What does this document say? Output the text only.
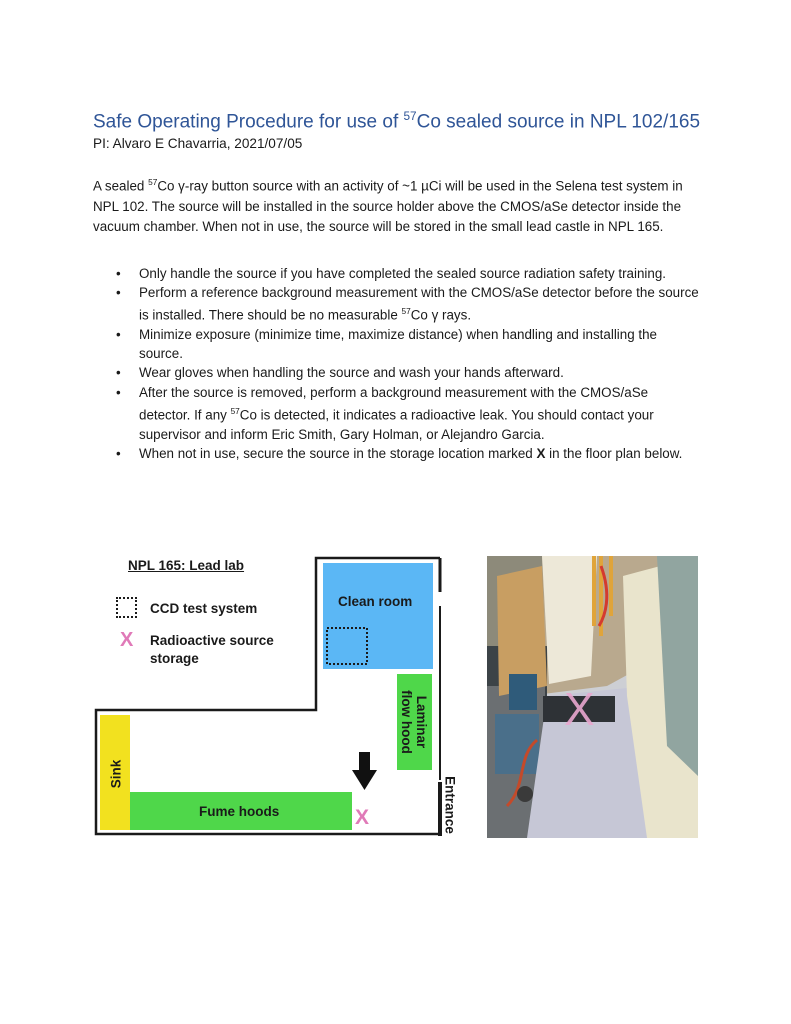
Safe Operating Procedure for use of $^{57}$Co sealed source in NPL 102/165
PI: Alvaro E Chavarria, 2021/07/05

A sealed $^{57}$Co γ-ray button source with an activity of ~1 µCi will be used in the Selena test system in NPL 102. The source will be installed in the source holder above the CMOS/aSe detector inside the vacuum chamber. When not in use, the source will be stored in the small lead castle in NPL 165.

• Only handle the source if you have completed the sealed source radiation safety training.
• Perform a reference background measurement with the CMOS/aSe detector before the source is installed. There should be no measurable $^{57}$Co γ rays.
• Minimize exposure (minimize time, maximize distance) when handling and installing the source.
• Wear gloves when handling the source and wash your hands afterward.
• After the source is removed, perform a background measurement with the CMOS/aSe detector. If any $^{57}$Co is detected, it indicates a radioactive leak. You should contact your supervisor and inform Eric Smith, Gary Holman, or Alejandro Garcia.
• When not in use, secure the source in the storage location marked X in the floor plan below.
NPL 165: Lead lab
CCD test system
X Radioactive source
storage
Clean room
Laminar
flow hood
Sink
Fume hoods	X	Entrance
X
